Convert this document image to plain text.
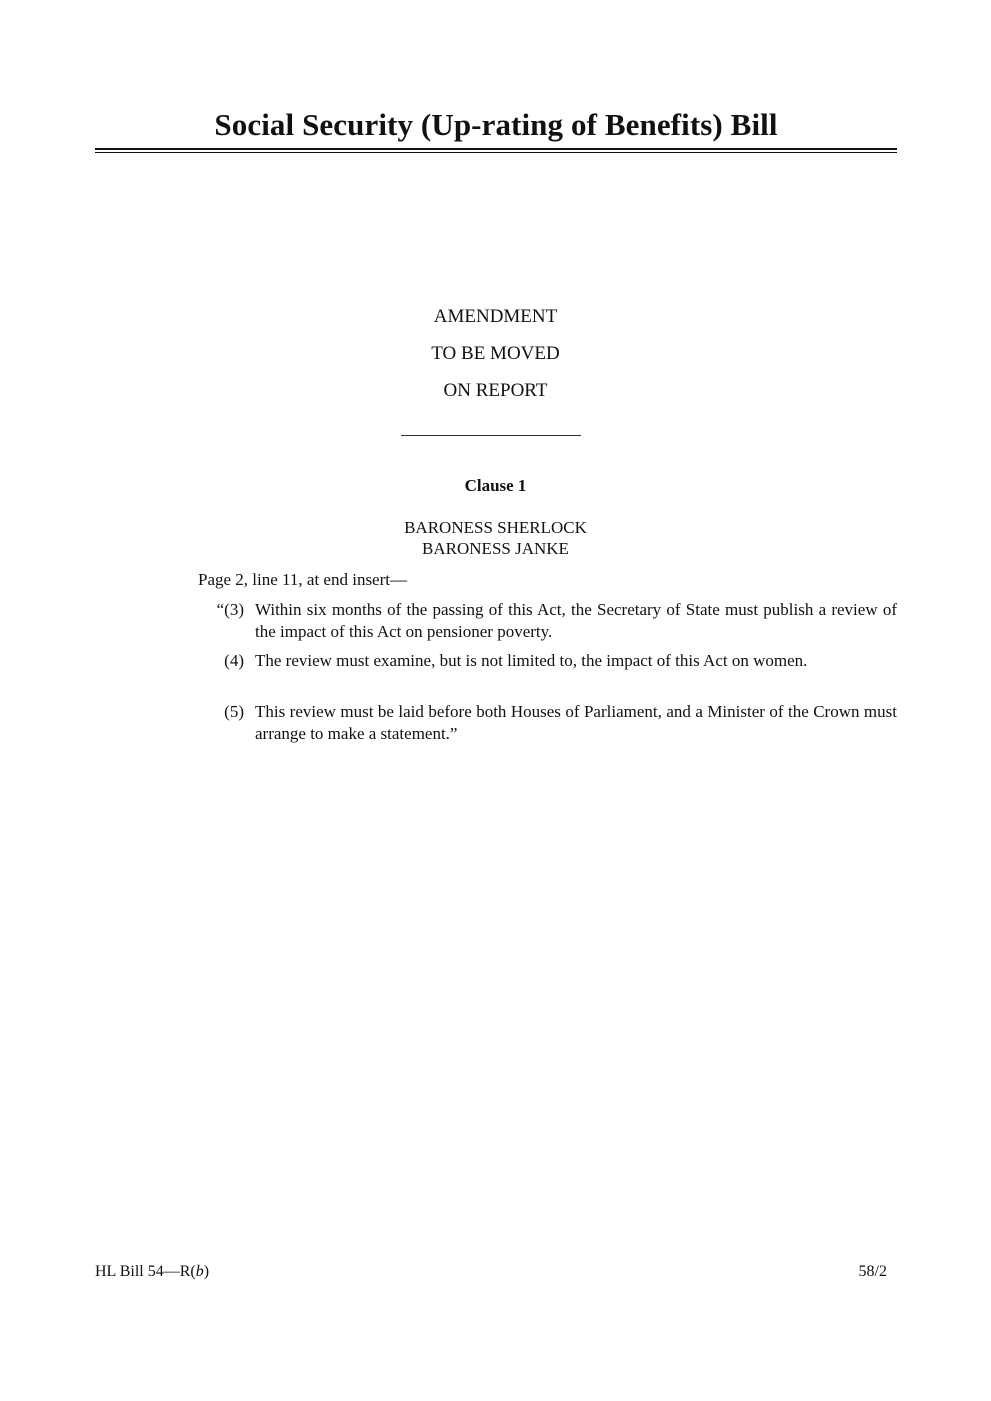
Social Security (Up-rating of Benefits) Bill
AMENDMENT
TO BE MOVED
ON REPORT
Clause 1
BARONESS SHERLOCK
BARONESS JANKE
Page 2, line 11, at end insert—
“(3) Within six months of the passing of this Act, the Secretary of State must publish a review of the impact of this Act on pensioner poverty.
(4) The review must examine, but is not limited to, the impact of this Act on women.
(5) This review must be laid before both Houses of Parliament, and a Minister of the Crown must arrange to make a statement.”
HL Bill 54—R(b)	58/2
